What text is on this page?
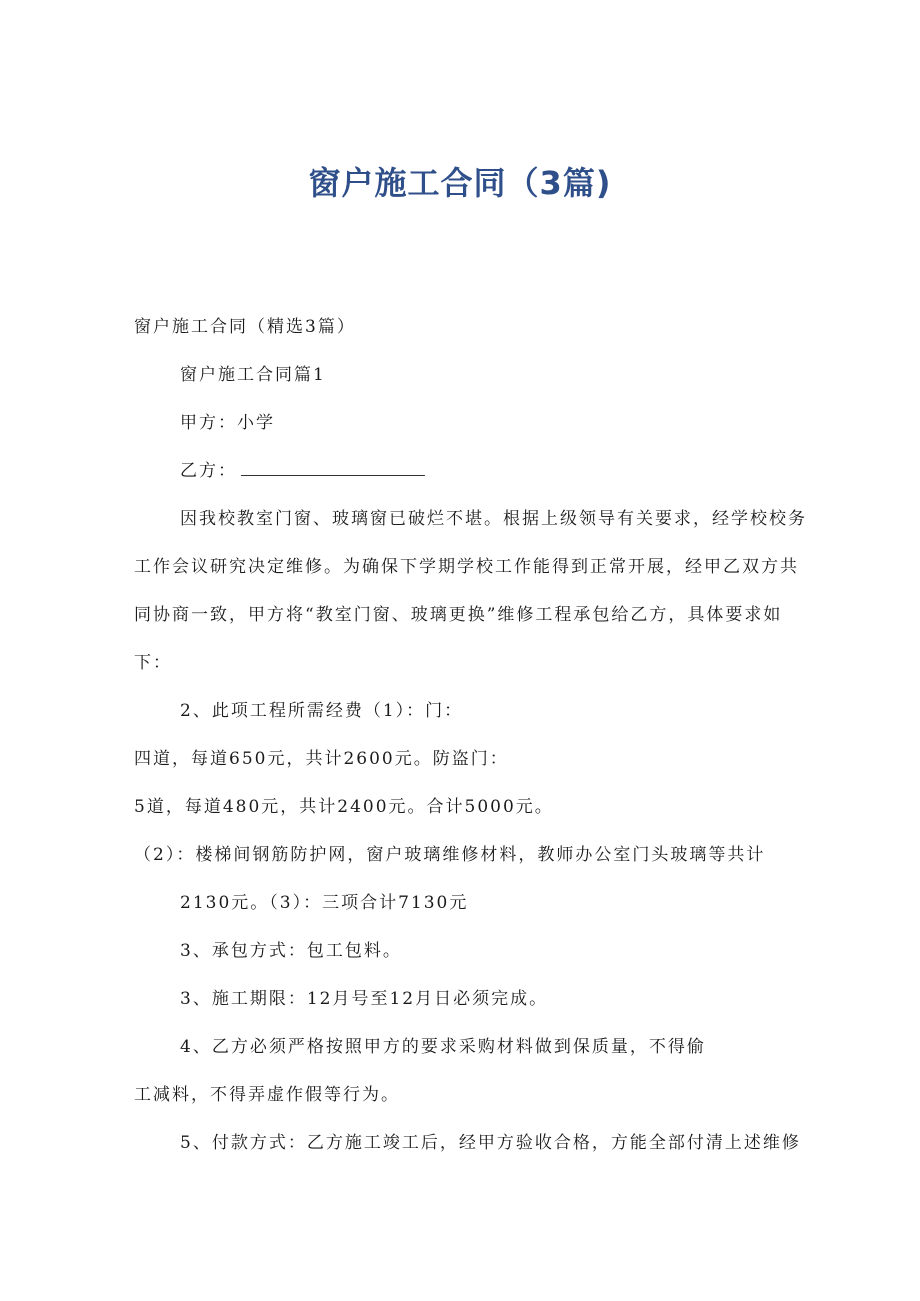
窗户施工合同（3篇)
窗户施工合同（精选3篇）
窗户施工合同篇1
甲方：小学
乙方：
因我校教室门窗、玻璃窗已破烂不堪。根据上级领导有关要求，经学校校务
工作会议研究决定维修。为确保下学期学校工作能得到正常开展，经甲乙双方共
同协商一致，甲方将“教室门窗、玻璃更换”维修工程承包给乙方，具体要求如
下：
2、此项工程所需经费（1）：门：
四道，每道650元，共计2600元。防盗门：
5道，每道480元，共计2400元。合计5000元。
（2）：楼梯间钢筋防护网，窗户玻璃维修材料，教师办公室门头玻璃等共计
2130元。（3）：三项合计7130元
3、承包方式：包工包料。
3、施工期限：12月号至12月日必须完成。
4、乙方必须严格按照甲方的要求采购材料做到保质量，不得偷
工减料，不得弄虚作假等行为。
5、付款方式：乙方施工竣工后，经甲方验收合格，方能全部付清上述维修
